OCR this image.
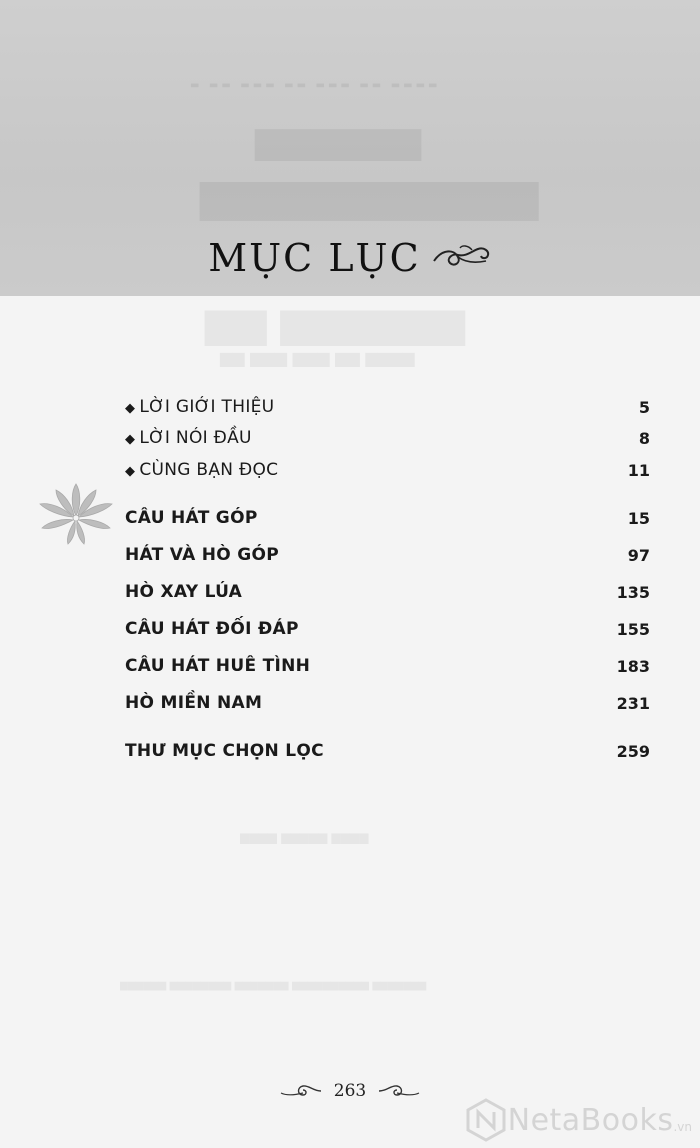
▬ ▬▬ ▬▬▬ ▬▬ ▬▬▬ ▬▬ ▬▬▬▬
▆▆▆▆▆▆
▆▆▆▆▆▆▆▆▆▆
▆▆ ▆▆▆▆▆▆
▆▆ ▆▆▆ ▆▆▆ ▆▆ ▆▆▆▆
MỤC LỤC
◆ LỜI GIỚI THIỆU	5
◆ LỜI NÓI ĐẦU	8
◆ CÙNG BẠN ĐỌC	11
CÂU HÁT GÓP	15
HÁT VÀ HÒ GÓP	97
HÒ XAY LÚA	135
CÂU HÁT ĐỐI ĐÁP	155
CÂU HÁT HUÊ TÌNH	183
HÒ MIỀN NAM	231
THƯ MỤC CHỌN LỌC	259
▆▆▆▆ ▆▆▆▆▆ ▆▆▆▆
▆▆▆▆▆▆ ▆▆▆▆▆▆▆▆ ▆▆▆▆▆▆▆ ▆▆▆▆▆▆▆▆▆▆ ▆▆▆▆▆▆▆
263
NetaBooks .vn
